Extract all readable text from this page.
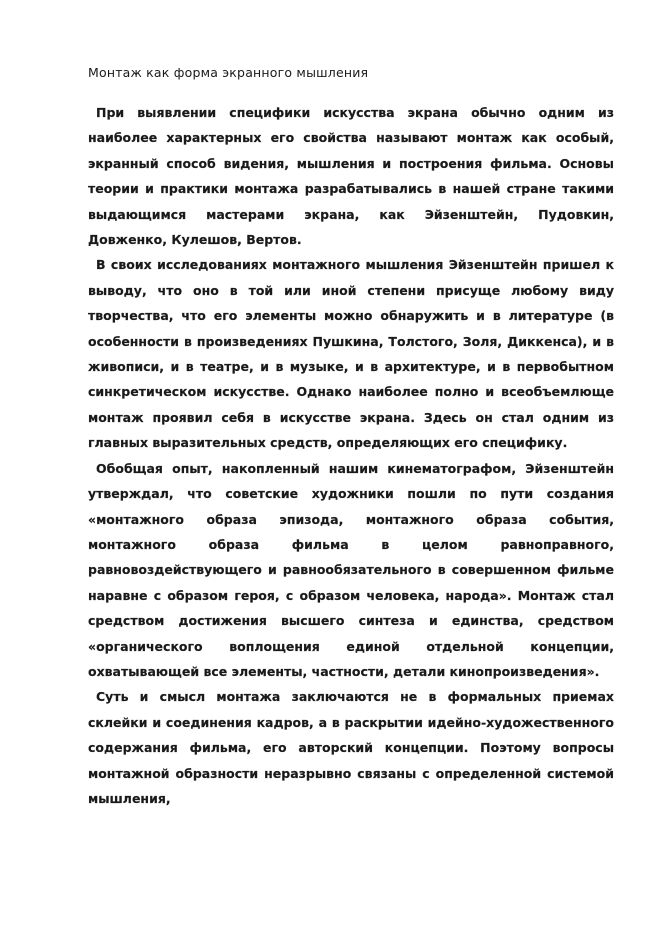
Монтаж как форма экранного мышления

При выявлении специфики искусства экрана обычно одним из наиболее характерных его свойства называют монтаж как особый, экранный способ видения, мышления и построения фильма. Основы теории и практики монтажа разрабатывались в нашей стране такими выдающимся мастерами экрана, как Эйзенштейн, Пудовкин, Довженко, Кулешов, Вертов.

В своих исследованиях монтажного мышления Эйзенштейн пришел к выводу, что оно в той или иной степени присуще любому виду творчества, что его элементы можно обнаружить и в литературе (в особенности в произведениях Пушкина, Толстого, Золя, Диккенса), и в живописи, и в театре, и в музыке, и в архитектуре, и в первобытном синкретическом искусстве. Однако наиболее полно и всеобъемлюще монтаж проявил себя в искусстве экрана. Здесь он стал одним из главных выразительных средств, определяющих его специфику.

Обобщая опыт, накопленный нашим кинематографом, Эйзенштейн утверждал, что советские художники пошли по пути создания «монтажного образа эпизода, монтажного образа события, монтажного образа фильма в целом равноправного, равновоздействующего и равнообязательного в совершенном фильме наравне с образом героя, с образом человека, народа». Монтаж стал средством достижения высшего синтеза и единства, средством «органического воплощения единой отдельной концепции, охватывающей все элементы, частности, детали кинопроизведения».

Суть и смысл монтажа заключаются не в формальных приемах склейки и соединения кадров, а в раскрытии идейно-художественного содержания фильма, его авторский концепции. Поэтому вопросы монтажной образности неразрывно связаны с определенной системой мышления,
